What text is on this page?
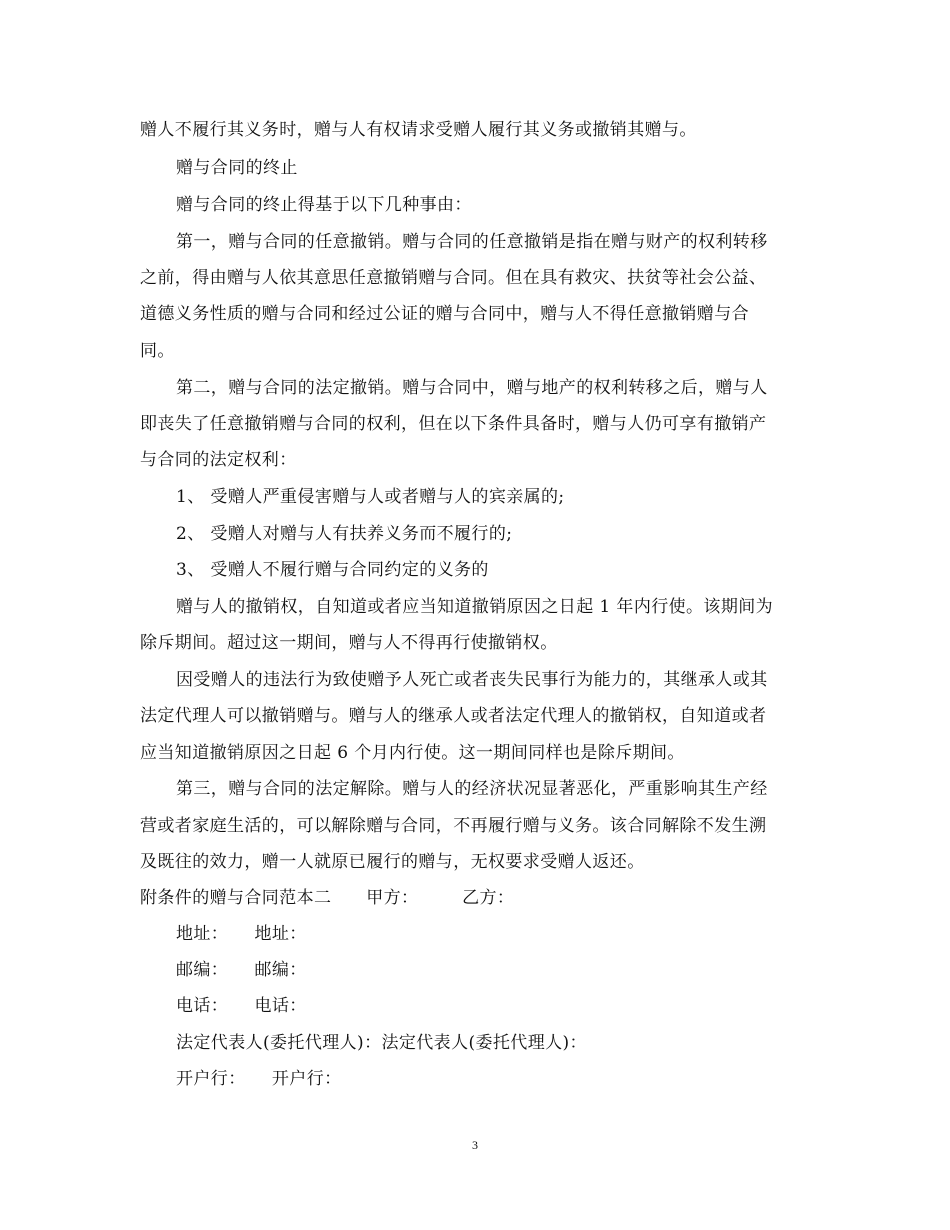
赠人不履行其义务时，赠与人有权请求受赠人履行其义务或撤销其赠与。
赠与合同的终止
赠与合同的终止得基于以下几种事由：
第一，赠与合同的任意撤销。赠与合同的任意撤销是指在赠与财产的权利转移
之前，得由赠与人依其意思任意撤销赠与合同。但在具有救灾、扶贫等社会公益、
道德义务性质的赠与合同和经过公证的赠与合同中，赠与人不得任意撤销赠与合
同。
第二，赠与合同的法定撤销。赠与合同中，赠与地产的权利转移之后，赠与人
即丧失了任意撤销赠与合同的权利，但在以下条件具备时，赠与人仍可享有撤销产
与合同的法定权利：
1、 受赠人严重侵害赠与人或者赠与人的宾亲属的;
2、 受赠人对赠与人有扶养义务而不履行的;
3、 受赠人不履行赠与合同约定的义务的
赠与人的撤销权，自知道或者应当知道撤销原因之日起 1 年内行使。该期间为
除斥期间。超过这一期间，赠与人不得再行使撤销权。
因受赠人的违法行为致使赠予人死亡或者丧失民事行为能力的，其继承人或其
法定代理人可以撤销赠与。赠与人的继承人或者法定代理人的撤销权，自知道或者
应当知道撤销原因之日起 6 个月内行使。这一期间同样也是除斥期间。
第三，赠与合同的法定解除。赠与人的经济状况显著恶化，严重影响其生产经
营或者家庭生活的，可以解除赠与合同，不再履行赠与义务。该合同解除不发生溯
及既往的效力，赠一人就原已履行的赠与，无权要求受赠人返还。
附条件的赠与合同范本二　　甲方：　　　乙方：
地址：　　地址：
邮编：　　邮编：
电话：　　电话：
法定代表人(委托代理人)：法定代表人(委托代理人)：
开户行：　　开户行：
3
